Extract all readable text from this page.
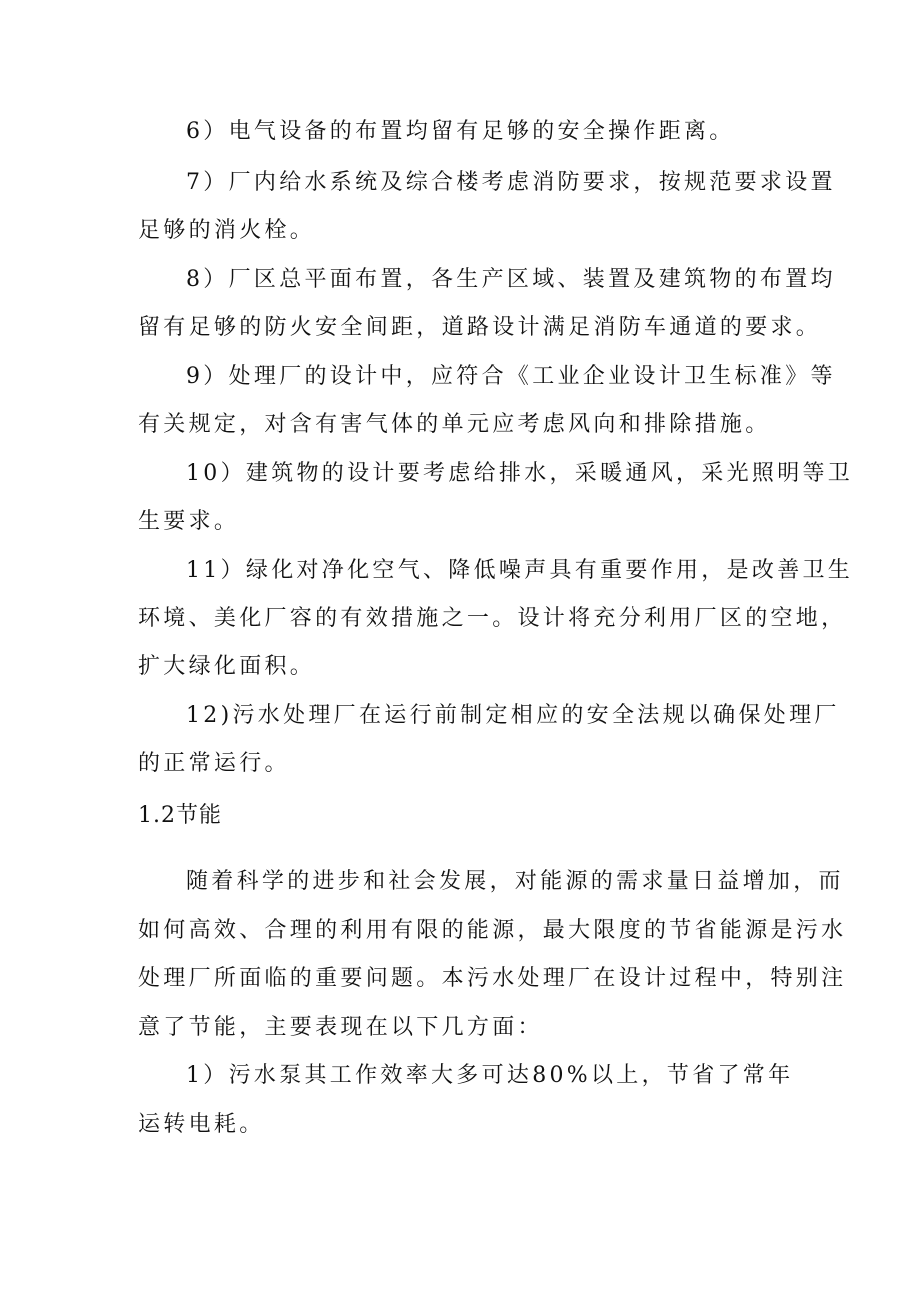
6）电气设备的布置均留有足够的安全操作距离。
7）厂内给水系统及综合楼考虑消防要求，按规范要求设置
足够的消火栓。
8）厂区总平面布置，各生产区域、装置及建筑物的布置均
留有足够的防火安全间距，道路设计满足消防车通道的要求。
9）处理厂的设计中，应符合《工业企业设计卫生标准》等
有关规定，对含有害气体的单元应考虑风向和排除措施。
10）建筑物的设计要考虑给排水，采暖通风，采光照明等卫
生要求。
11）绿化对净化空气、降低噪声具有重要作用，是改善卫生
环境、美化厂容的有效措施之一。设计将充分利用厂区的空地，
扩大绿化面积。
12)污水处理厂在运行前制定相应的安全法规以确保处理厂
的正常运行。
1.2节能
随着科学的进步和社会发展，对能源的需求量日益增加，而
如何高效、合理的利用有限的能源，最大限度的节省能源是污水
处理厂所面临的重要问题。本污水处理厂在设计过程中，特别注
意了节能，主要表现在以下几方面：
1）污水泵其工作效率大多可达80%以上，节省了常年
运转电耗。
